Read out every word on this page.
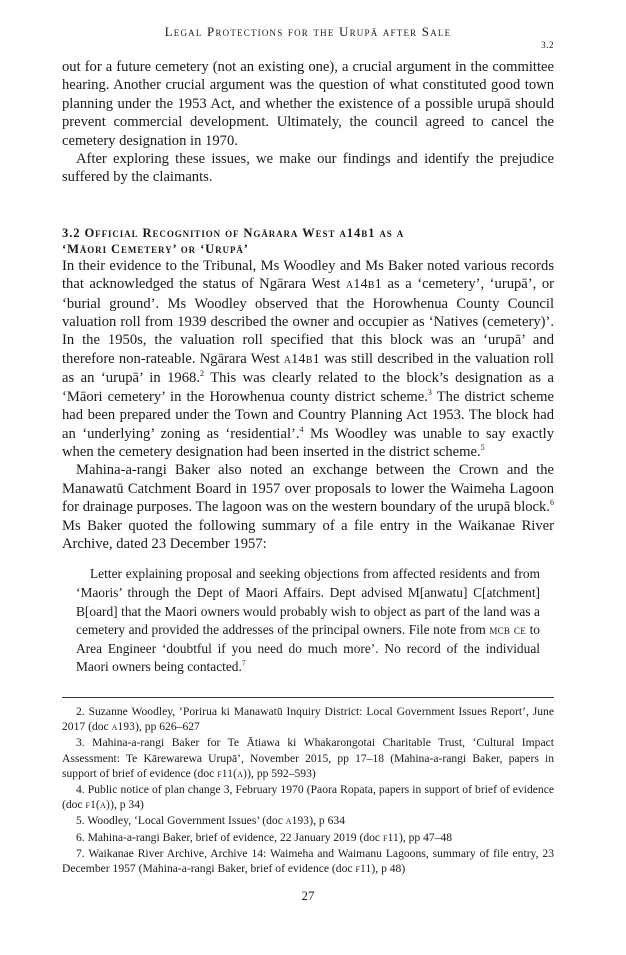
Legal Protections for the Urupā after Sale
3.2

out for a future cemetery (not an existing one), a crucial argument in the committee hearing. Another crucial argument was the question of what constituted good town planning under the 1953 Act, and whether the existence of a possible urupā should prevent commercial development. Ultimately, the council agreed to cancel the cemetery designation in 1970.

After exploring these issues, we make our findings and identify the prejudice suffered by the claimants.

3.2 Official Recognition of Ngārara West a14b1 as a
‘Māori Cemetery’ or ‘Urupā’

In their evidence to the Tribunal, Ms Woodley and Ms Baker noted various records that acknowledged the status of Ngārara West a14b1 as a ‘cemetery’, ‘urupā’, or ‘burial ground’. Ms Woodley observed that the Horowhenua County Council valuation roll from 1939 described the owner and occupier as ‘Natives (cemetery)’. In the 1950s, the valuation roll specified that this block was an ‘urupā’ and therefore non-rateable. Ngārara West a14b1 was still described in the valuation roll as an ‘urupā’ in 1968.$^2$ This was clearly related to the block’s designation as a ‘Māori cemetery’ in the Horowhenua county district scheme.$^3$ The district scheme had been prepared under the Town and Country Planning Act 1953. The block had an ‘underlying’ zoning as ‘residential’.$^4$ Ms Woodley was unable to say exactly when the cemetery designation had been inserted in the district scheme.$^5$

Mahina-a-rangi Baker also noted an exchange between the Crown and the Manawatū Catchment Board in 1957 over proposals to lower the Waimeha Lagoon for drainage purposes. The lagoon was on the western boundary of the urupā block.$^6$ Ms Baker quoted the following summary of a file entry in the Waikanae River Archive, dated 23 December 1957:

Letter explaining proposal and seeking objections from affected residents and from ‘Maoris’ through the Dept of Maori Affairs. Dept advised M[anwatu] C[atchment] B[oard] that the Maori owners would probably wish to object as part of the land was a cemetery and provided the addresses of the principal owners. File note from mcb ce to Area Engineer ‘doubtful if you need do much more’. No record of the individual Maori owners being contacted.$^7$

2. Suzanne Woodley, ‘Porirua ki Manawatū Inquiry District: Local Government Issues Report’, June 2017 (doc a193), pp 626–627

3. Mahina-a-rangi Baker for Te Ātiawa ki Whakarongotai Charitable Trust, ‘Cultural Impact Assessment: Te Kārewarewa Urupā’, November 2015, pp 17–18 (Mahina-a-rangi Baker, papers in support of brief of evidence (doc f11(a)), pp 592–593)

4. Public notice of plan change 3, February 1970 (Paora Ropata, papers in support of brief of evidence (doc f1(a)), p 34)

5. Woodley, ‘Local Government Issues’ (doc a193), p 634

6. Mahina-a-rangi Baker, brief of evidence, 22 January 2019 (doc f11), pp 47–48

7. Waikanae River Archive, Archive 14: Waimeha and Waimanu Lagoons, summary of file entry, 23 December 1957 (Mahina-a-rangi Baker, brief of evidence (doc f11), p 48)

27
